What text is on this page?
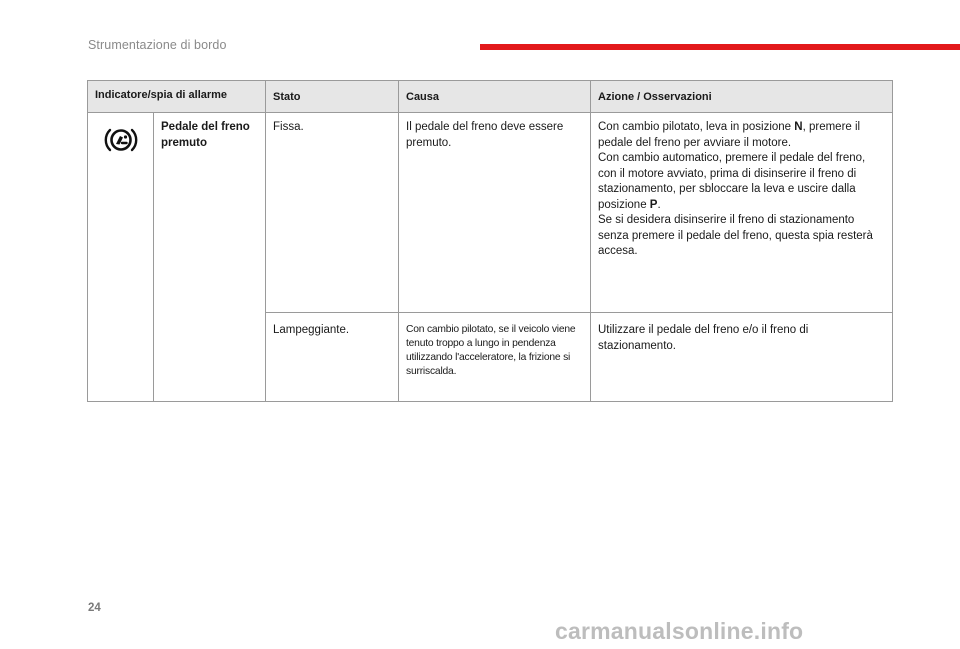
Strumentazione di bordo
Indicatore/spia di allarme		Stato	Causa	Azione / Osservazioni
	Pedale del freno premuto	Fissa.	Il pedale del freno deve essere premuto.	Con cambio pilotato, leva in posizione N, premere il pedale del freno per avviare il motore.
Con cambio automatico, premere il pedale del freno, con il motore avviato, prima di disinserire il freno di stazionamento, per sbloccare la leva e uscire dalla posizione P.
Se si desidera disinserire il freno di stazionamento senza premere il pedale del freno, questa spia resterà accesa.
		Lampeggiante.	Con cambio pilotato, se il veicolo viene tenuto troppo a lungo in pendenza utilizzando l'acceleratore, la frizione si surriscalda.	Utilizzare il pedale del freno e/o il freno di stazionamento.
24
carmanualsonline.info
